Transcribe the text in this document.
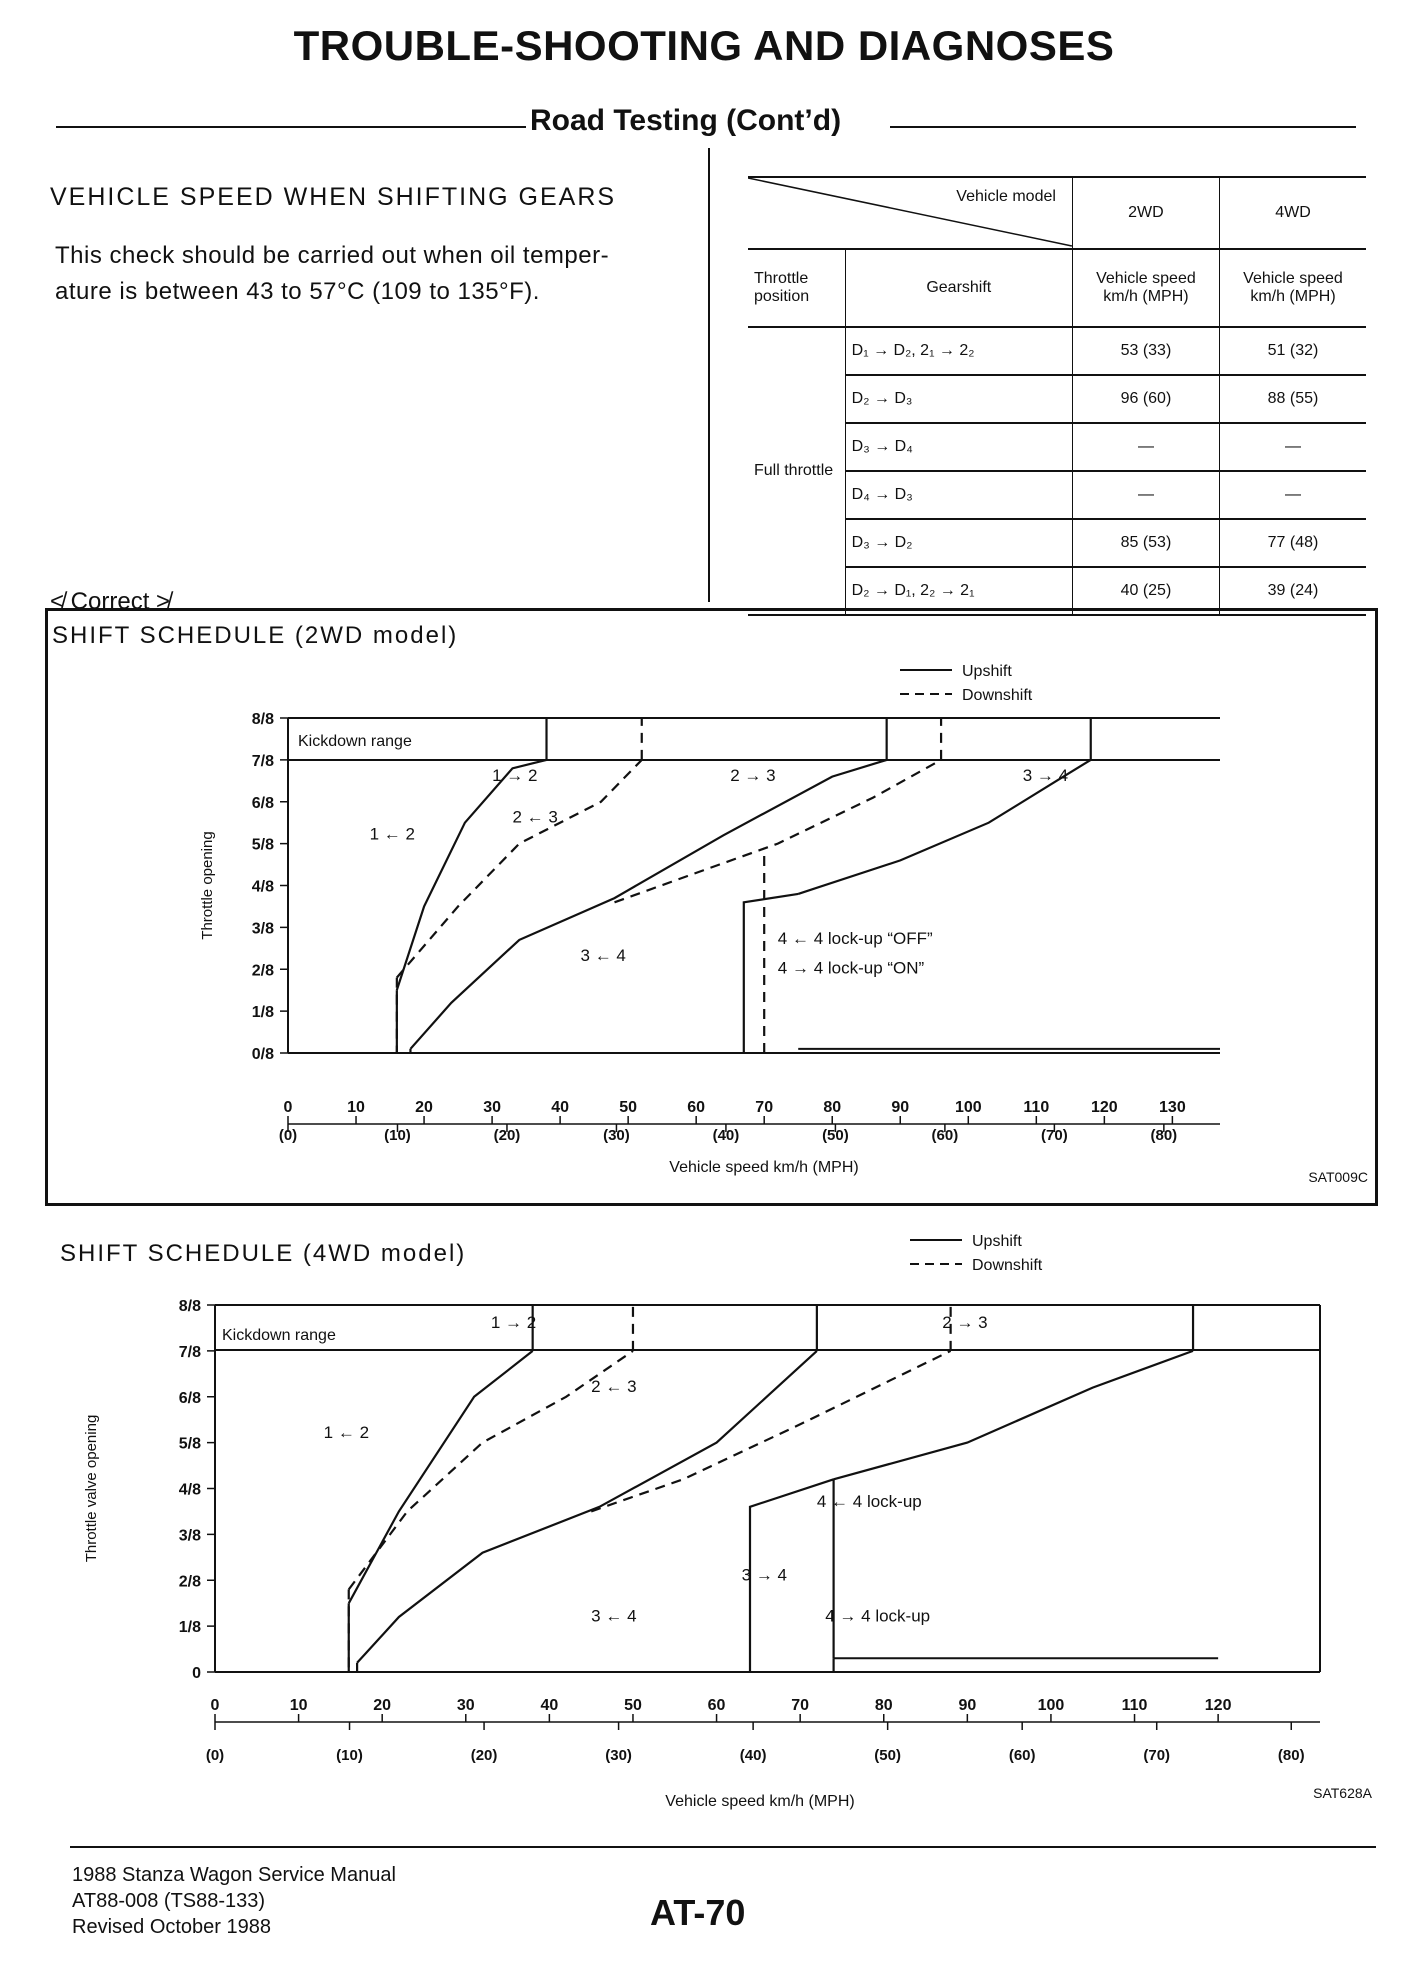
TROUBLE-SHOOTING AND DIAGNOSES
Road Testing (Cont’d)
VEHICLE SPEED WHEN SHIFTING GEARS
This check should be carried out when oil temper-
ature is between 43 to 57°C (109 to 135°F).
Vehicle model		2WD	4WD
Throttle position	Gearshift	Vehicle speed km/h (MPH)	Vehicle speed km/h (MPH)
Full throttle	D₁ → D₂, 2₁ → 2₂	53 (33)	51 (32)
	D₂ → D₃	96 (60)	88 (55)
	D₃ → D₄	—	—
	D₄ → D₃	—	—
	D₃ → D₂	85 (53)	77 (48)
	D₂ → D₁, 2₂ → 2₁	40 (25)	39 (24)
≮ Correct ≯
SHIFT SCHEDULE (2WD model)
Kickdown range
0/8
1/8
2/8
3/8
4/8
5/8
6/8
7/8
8/8
Throttle opening
0	10	20	30	40	50	60	70	80	90	100	110	120	130
(0)	(10)	(20)	(30)	(40)	(50)	(60)	(70)	(80)
Vehicle speed km/h (MPH)
SAT009C
Upshift
Downshift
1 → 2	2 → 3	3 → 4
1 ← 2
2 ← 3
3 ← 4
4 ← 4 lock-up “OFF”
4 → 4 lock-up “ON”
Kickdown range
0
1/8
2/8
3/8
4/8
5/8
6/8
7/8
8/8
Throttle valve opening
0	10	20	30	40	50	60	70	80	90	100	110	120
(0)	(10)	(20)	(30)	(40)	(50)	(60)	(70)	(80)
Vehicle speed km/h (MPH)	SAT628A
Upshift
Downshift
1 → 2	2 → 3
3 → 4
1 ← 2
2 ← 3
3 ← 4
4 ← 4 lock-up
4 → 4 lock-up
SHIFT SCHEDULE (4WD model)
1988 Stanza Wagon Service Manual
AT88-008 (TS88-133)
Revised October 1988	AT-70
